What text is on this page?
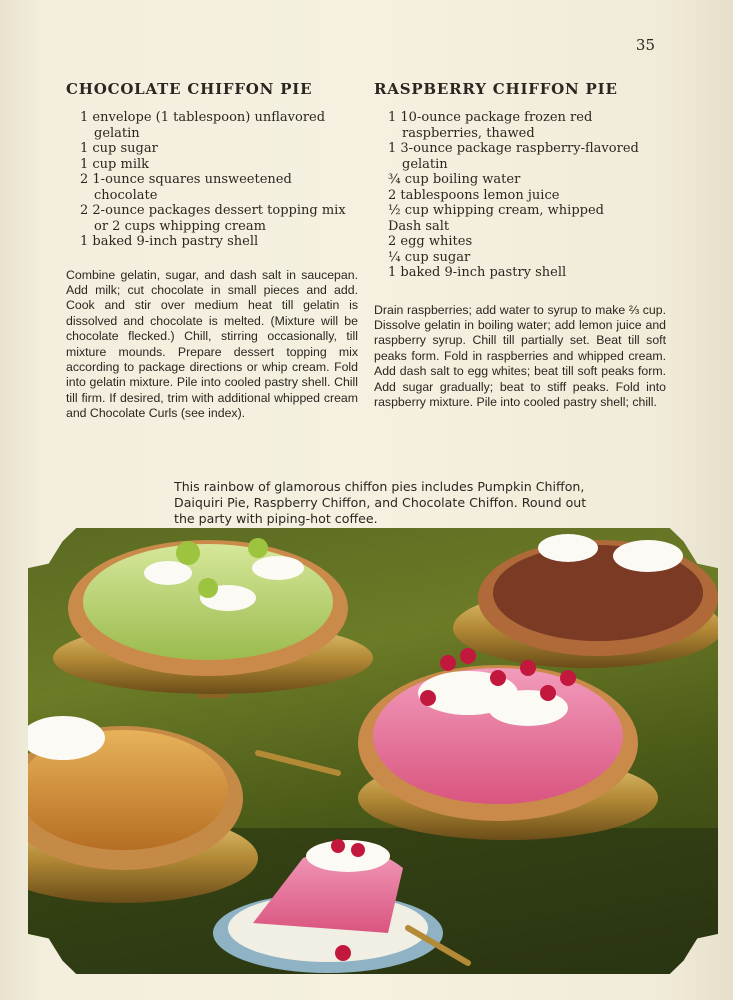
35
CHOCOLATE CHIFFON PIE
1 envelope (1 tablespoon) unflavored gelatin
1 cup sugar
1 cup milk
2 1-ounce squares unsweetened chocolate
2 2-ounce packages dessert topping mix
or 2 cups whipping cream
1 baked 9-inch pastry shell

Combine gelatin, sugar, and dash salt in saucepan. Add milk; cut chocolate in small pieces and add. Cook and stir over medium heat till gelatin is dissolved and chocolate is melted. (Mixture will be chocolate flecked.) Chill, stirring occasionally, till mixture mounds. Prepare dessert topping mix according to package directions or whip cream. Fold into gelatin mixture. Pile into cooled pastry shell. Chill till firm. If desired, trim with additional whipped cream and Chocolate Curls (see index).

RASPBERRY CHIFFON PIE
1 10-ounce package frozen red raspberries, thawed
1 3-ounce package raspberry-flavored gelatin
¾ cup boiling water
2 tablespoons lemon juice
½ cup whipping cream, whipped
Dash salt
2 egg whites
¼ cup sugar
1 baked 9-inch pastry shell

Drain raspberries; add water to syrup to make ⅔ cup. Dissolve gelatin in boiling water; add lemon juice and raspberry syrup. Chill till partially set. Beat till soft peaks form. Fold in raspberries and whipped cream. Add dash salt to egg whites; beat till soft peaks form. Add sugar gradually; beat to stiff peaks. Fold into raspberry mixture. Pile into cooled pastry shell; chill.

This rainbow of glamorous chiffon pies includes Pumpkin Chiffon, Daiquiri Pie, Raspberry Chiffon, and Chocolate Chiffon. Round out the party with piping-hot coffee.
